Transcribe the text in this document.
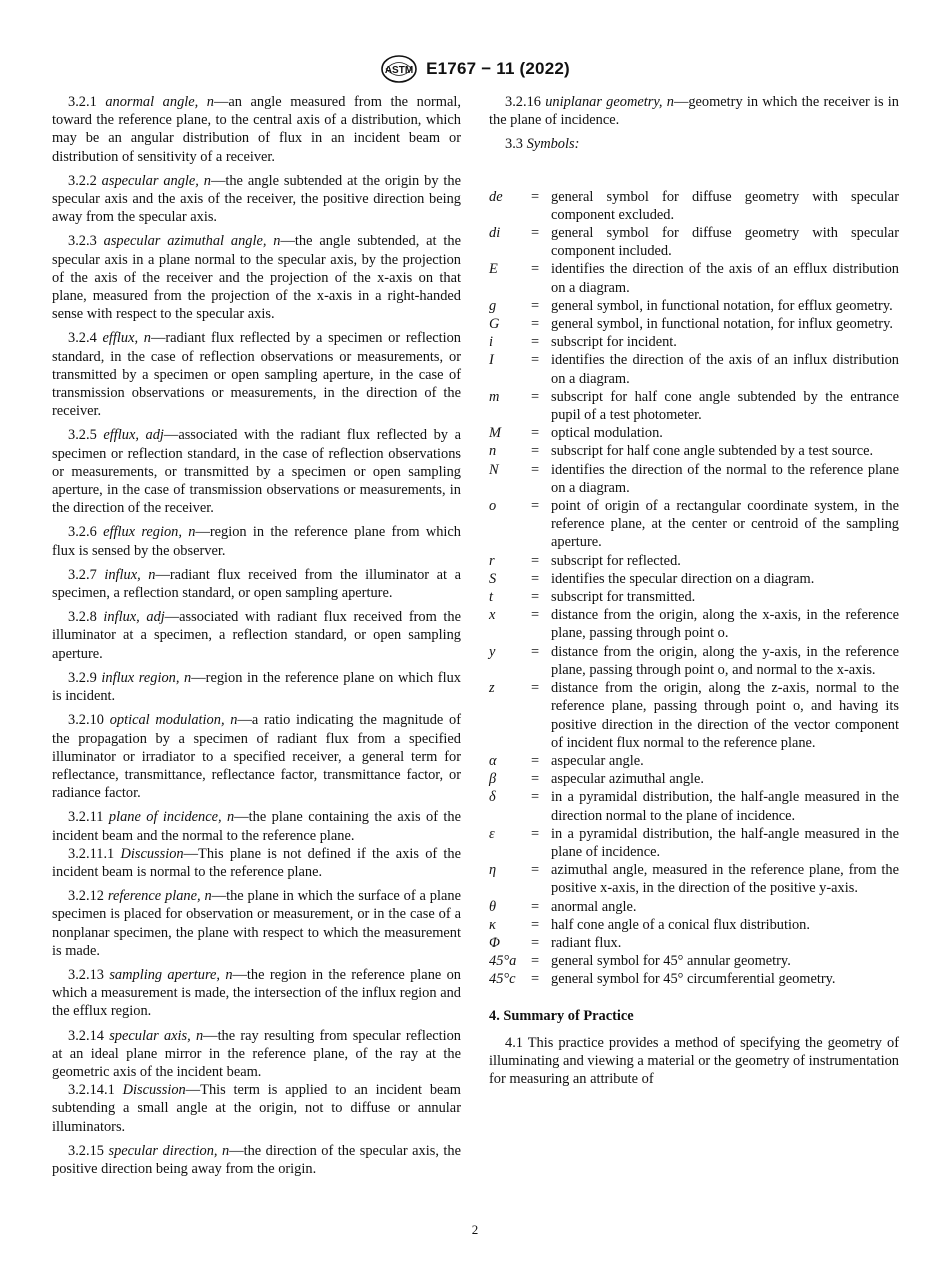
ASTM E1767 − 11 (2022)
3.2.1 anormal angle, n—an angle measured from the normal, toward the reference plane, to the central axis of a distribution, which may be an angular distribution of flux in an incident beam or distribution of sensitivity of a receiver.
3.2.2 aspecular angle, n—the angle subtended at the origin by the specular axis and the axis of the receiver, the positive direction being away from the specular axis.
3.2.3 aspecular azimuthal angle, n—the angle subtended, at the specular axis in a plane normal to the specular axis, by the projection of the axis of the receiver and the projection of the x-axis on that plane, measured from the projection of the x-axis in a right-handed sense with respect to the specular axis.
3.2.4 efflux, n—radiant flux reflected by a specimen or reflection standard, in the case of reflection observations or measurements, or transmitted by a specimen or open sampling aperture, in the case of transmission observations or measurements, in the direction of the receiver.
3.2.5 efflux, adj—associated with the radiant flux reflected by a specimen or reflection standard, in the case of reflection observations or measurements, or transmitted by a specimen or open sampling aperture, in the case of transmission observations or measurements, in the direction of the receiver.
3.2.6 efflux region, n—region in the reference plane from which flux is sensed by the observer.
3.2.7 influx, n—radiant flux received from the illuminator at a specimen, a reflection standard, or open sampling aperture.
3.2.8 influx, adj—associated with radiant flux received from the illuminator at a specimen, a reflection standard, or open sampling aperture.
3.2.9 influx region, n—region in the reference plane on which flux is incident.
3.2.10 optical modulation, n—a ratio indicating the magnitude of the propagation by a specimen of radiant flux from a specified illuminator or irradiator to a specified receiver, a general term for reflectance, transmittance, reflectance factor, transmittance factor, or radiance factor.
3.2.11 plane of incidence, n—the plane containing the axis of the incident beam and the normal to the reference plane.
3.2.11.1 Discussion—This plane is not defined if the axis of the incident beam is normal to the reference plane.
3.2.12 reference plane, n—the plane in which the surface of a plane specimen is placed for observation or measurement, or in the case of a nonplanar specimen, the plane with respect to which the measurement is made.
3.2.13 sampling aperture, n—the region in the reference plane on which a measurement is made, the intersection of the influx region and the efflux region.
3.2.14 specular axis, n—the ray resulting from specular reflection at an ideal plane mirror in the reference plane, of the ray at the geometric axis of the incident beam.
3.2.14.1 Discussion—This term is applied to an incident beam subtending a small angle at the origin, not to diffuse or annular illuminators.
3.2.15 specular direction, n—the direction of the specular axis, the positive direction being away from the origin.
3.2.16 uniplanar geometry, n—geometry in which the receiver is in the plane of incidence.
3.3 Symbols:
de	= general symbol for diffuse geometry with specular component excluded.
di	= general symbol for diffuse geometry with specular component included.
E	= identifies the direction of the axis of an efflux distribution on a diagram.
g	= general symbol, in functional notation, for efflux geometry.
G	= general symbol, in functional notation, for influx geometry.
i	= subscript for incident.
I	= identifies the direction of the axis of an influx distribution on a diagram.
m	= subscript for half cone angle subtended by the entrance pupil of a test photometer.
M	= optical modulation.
n	= subscript for half cone angle subtended by a test source.
N	= identifies the direction of the normal to the reference plane on a diagram.
o	= point of origin of a rectangular coordinate system, in the reference plane, at the center or centroid of the sampling aperture.
r	= subscript for reflected.
S	= identifies the specular direction on a diagram.
t	= subscript for transmitted.
x	= distance from the origin, along the x-axis, in the reference plane, passing through point o.
y	= distance from the origin, along the y-axis, in the reference plane, passing through point o, and normal to the x-axis.
z	= distance from the origin, along the z-axis, normal to the reference plane, passing through point o, and having its positive direction in the direction of the vector component of incident flux normal to the reference plane.
α	= aspecular angle.
β	= aspecular azimuthal angle.
δ	= in a pyramidal distribution, the half-angle measured in the direction normal to the plane of incidence.
ε	= in a pyramidal distribution, the half-angle measured in the plane of incidence.
η	= azimuthal angle, measured in the reference plane, from the positive x-axis, in the direction of the positive y-axis.
θ	= anormal angle.
κ	= half cone angle of a conical flux distribution.
Φ	= radiant flux.
45°a	= general symbol for 45° annular geometry.
45°c	= general symbol for 45° circumferential geometry.
4. Summary of Practice
4.1 This practice provides a method of specifying the geometry of illuminating and viewing a material or the geometry of instrumentation for measuring an attribute of
2
